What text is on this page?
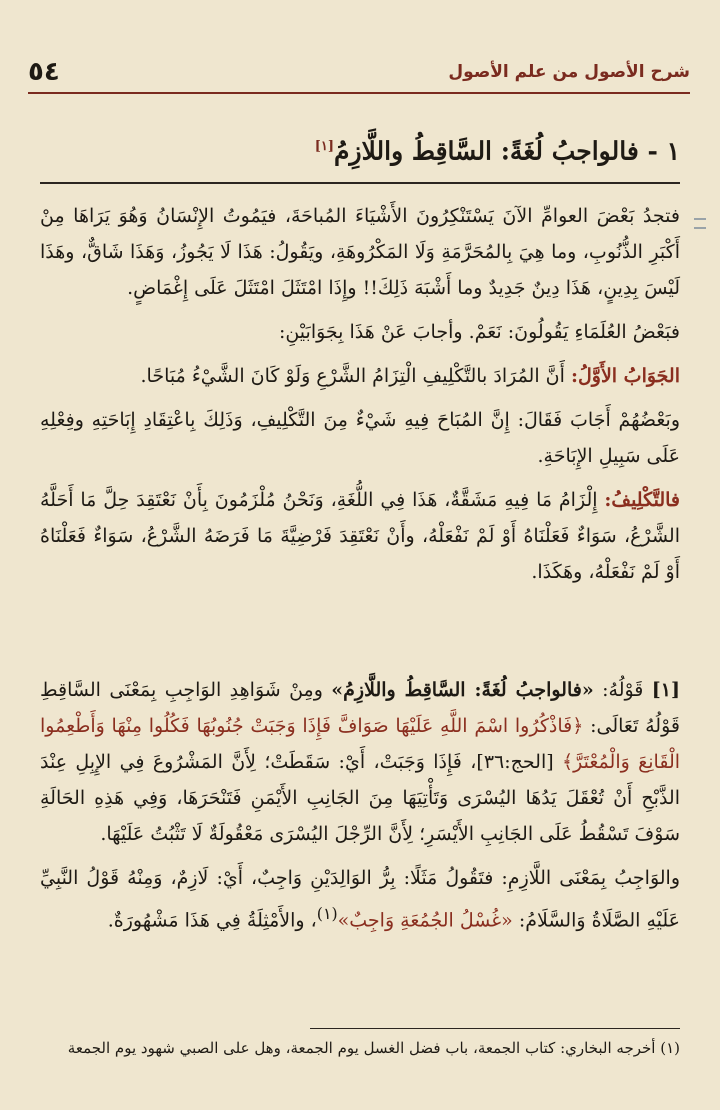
٥٤	شرح الأصول من علم الأصول
١ - فالواجبُ لُغَةً: السَّاقِطُ واللَّازِمُ[١]

فتجدُ بَعْضَ العوامِّ الآنَ يَسْتَنْكِرُونَ الأَشْيَاءَ المُباحَةَ، فيَمُوتُ الإِنْسَانُ وَهُوَ يَرَاهَا مِنْ أَكْبَرِ الذُّنُوبِ، وما هِيَ بِالمُحَرَّمَةِ وَلَا المَكْرُوهَةِ، ويَقُولُ: هَذَا لَا يَجُوزُ، وَهَذَا شَاقٌّ، وهَذَا لَيْسَ بِدِينٍ، هَذَا دِينٌ جَدِيدٌ وما أَشْبَهَ ذَلِكَ!! وإِذَا امْتَثَلَ امْتَثَلَ عَلَى إِغْمَاضٍ.

فبَعْضُ العُلَمَاءِ يَقُولُونَ: نَعَمْ. وأجابَ عَنْ هَذَا بِجَوَابَيْنِ:

الجَوَابُ الأَوَّلُ: أَنَّ المُرَادَ بالتَّكْلِيفِ الْتِزَامُ الشَّرْعِ وَلَوْ كَانَ الشَّيْءُ مُبَاحًا.

وبَعْضُهُمْ أَجَابَ فَقَالَ: إِنَّ المُبَاحَ فِيهِ شَيْءٌ مِنَ التَّكْلِيفِ، وَذَلِكَ بِاعْتِقَادِ إِبَاحَتِهِ وفِعْلِهِ عَلَى سَبِيلِ الإِبَاحَةِ.

فالتَّكْلِيفُ: إِلْزَامُ مَا فِيهِ مَشَقَّةٌ، هَذَا فِي اللُّغَةِ، وَنَحْنُ مُلْزَمُونَ بِأَنْ نَعْتَقِدَ حِلَّ مَا أَحَلَّهُ الشَّرْعُ، سَوَاءٌ فَعَلْنَاهُ أَوْ لَمْ نَفْعَلْهُ، وأَنْ نَعْتَقِدَ فَرْضِيَّةَ مَا فَرَضَهُ الشَّرْعُ، سَوَاءٌ فَعَلْنَاهُ أَوْ لَمْ نَفْعَلْهُ، وهَكَذَا.

[١] قَوْلُهُ: «فالواجبُ لُغَةً: السَّاقِطُ واللَّازِمُ» ومِنْ شَوَاهِدِ الوَاجِبِ بِمَعْنَى السَّاقِطِ قَوْلُهُ تَعَالَى: ﴿فَاذْكُرُوا اسْمَ اللَّهِ عَلَيْهَا صَوَافَّ فَإِذَا وَجَبَتْ جُنُوبُهَا فَكُلُوا مِنْهَا وَأَطْعِمُوا الْقَانِعَ وَالْمُعْتَرَّ﴾ [الحج:٣٦]، فَإِذَا وَجَبَتْ، أَيْ: سَقَطَتْ؛ لِأَنَّ المَشْرُوعَ فِي الإِبِلِ عِنْدَ الذَّبْحِ أَنْ تُعْقَلَ يَدُهَا اليُسْرَى وَتَأْتِيَهَا مِنَ الجَانِبِ الأَيْمَنِ فَتَنْحَرَهَا، وَفِي هَذِهِ الحَالَةِ سَوْفَ تَسْقُطُ عَلَى الجَانِبِ الأَيْسَرِ؛ لِأَنَّ الرِّجْلَ اليُسْرَى مَعْقُولَةٌ لَا تَثْبُتُ عَلَيْهَا.

والوَاجِبُ بِمَعْنَى اللَّازِمِ: فتَقُولُ مَثَلًا: بِرُّ الوَالِدَيْنِ وَاجِبٌ، أَيْ: لَازِمٌ، وَمِنْهُ قَوْلُ النَّبِيِّ عَلَيْهِ الصَّلَاةُ وَالسَّلَامُ: «غُسْلُ الجُمُعَةِ وَاجِبٌ»$^{(١)}$، والأَمْثِلَةُ فِي هَذَا مَشْهُورَةٌ.

(١) أخرجه البخاري: كتاب الجمعة، باب فضل الغسل يوم الجمعة، وهل على الصبي شهود يوم الجمعة
